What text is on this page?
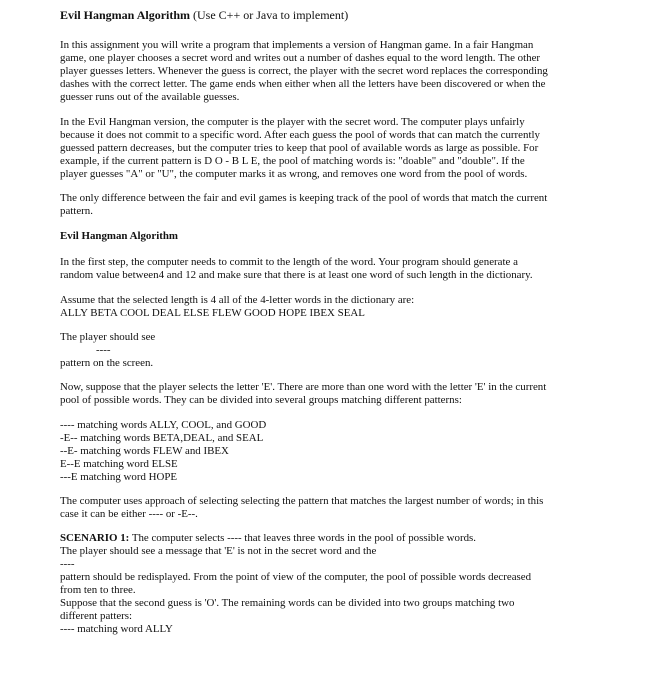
Evil Hangman Algorithm (Use C++ or Java to implement)

In this assignment you will write a program that implements a version of Hangman game. In a fair Hangman
game, one player chooses a secret word and writes out a number of dashes equal to the word length. The other
player guesses letters. Whenever the guess is correct, the player with the secret word replaces the corresponding
dashes with the correct letter. The game ends when either when all the letters have been discovered or when the
guesser runs out of the available guesses.

In the Evil Hangman version, the computer is the player with the secret word. The computer plays unfairly
because it does not commit to a specific word. After each guess the pool of words that can match the currently
guessed pattern decreases, but the computer tries to keep that pool of available words as large as possible. For
example, if the current pattern is D O - B L E, the pool of matching words is: "doable" and "double". If the
player guesses "A" or "U", the computer marks it as wrong, and removes one word from the pool of words.

The only difference between the fair and evil games is keeping track of the pool of words that match the current
pattern.

Evil Hangman Algorithm

In the first step, the computer needs to commit to the length of the word. Your program should generate a
random value between4 and 12 and make sure that there is at least one word of such length in the dictionary.

Assume that the selected length is 4 all of the 4-letter words in the dictionary are:
ALLY BETA COOL DEAL ELSE FLEW GOOD HOPE IBEX SEAL

The player should see
----
pattern on the screen.

Now, suppose that the player selects the letter 'E'. There are more than one word with the letter 'E' in the current
pool of possible words. They can be divided into several groups matching different patterns:

---- matching words ALLY, COOL, and GOOD
-E-- matching words BETA,DEAL, and SEAL
--E- matching words FLEW and IBEX
E--E matching word ELSE
---E matching word HOPE

The computer uses approach of selecting selecting the pattern that matches the largest number of words; in this
case it can be either ---- or -E--.

SCENARIO 1: The computer selects ---- that leaves three words in the pool of possible words.
The player should see a message that 'E' is not in the secret word and the
----
pattern should be redisplayed. From the point of view of the computer, the pool of possible words decreased
from ten to three.
Suppose that the second guess is 'O'. The remaining words can be divided into two groups matching two
different patters:
---- matching word ALLY
